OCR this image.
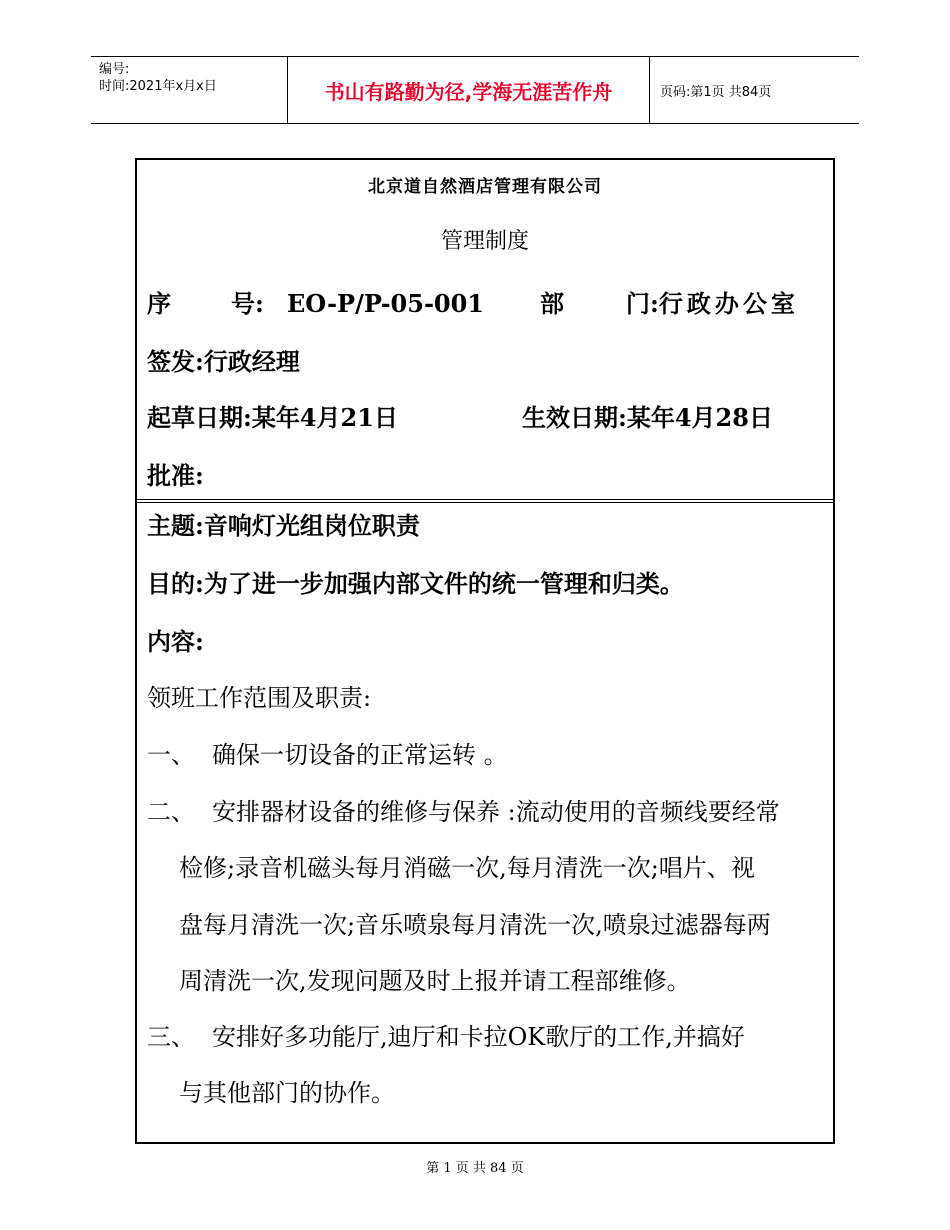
编号:
时间:2021年x月x日	书山有路勤为径,学海无涯苦作舟	页码:第1页 共84页
北京道自然酒店管理有限公司
管理制度
序	号: EO-P/P-05-001 部	门:行政办公室
签发:行政经理
起草日期:某年4月21日	生效日期:某年4月28日
批准:
主题:音响灯光组岗位职责
目的:为了进一步加强内部文件的统一管理和归类。
内容:
领班工作范围及职责:
一、 确保一切设备的正常运转 。
二、 安排器材设备的维修与保养 :流动使用的音频线要经常
检修;录音机磁头每月消磁一次,每月清洗一次;唱片、视
盘每月清洗一次;音乐喷泉每月清洗一次,喷泉过滤器每两
周清洗一次,发现问题及时上报并请工程部维修。
三、 安排好多功能厅,迪厅和卡拉OK歌厅的工作,并搞好
与其他部门的协作。
第 1 页 共 84 页
